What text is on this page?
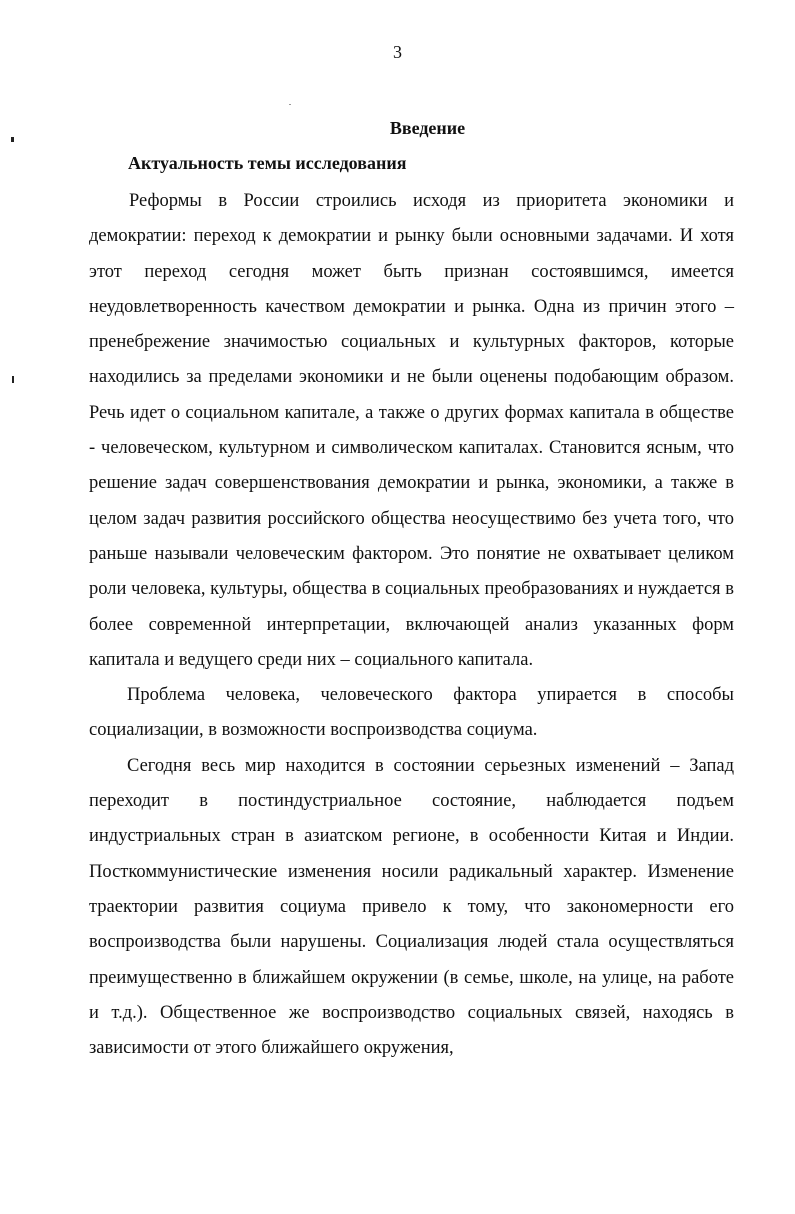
3
Введение
Актуальность темы исследования

Реформы в России строились исходя из приоритета экономики и демократии: переход к демократии и рынку были основными задачами. И хотя этот переход сегодня может быть признан состоявшимся, имеется неудовлетворенность качеством демократии и рынка. Одна из причин этого – пренебрежение значимостью социальных и культурных факторов, которые находились за пределами экономики и не были оценены подобающим образом. Речь идет о социальном капитале, а также о других формах капитала в обществе - человеческом, культурном и символическом капиталах. Становится ясным, что решение задач совершенствования демократии и рынка, экономики, а также в целом задач развития российского общества неосуществимо без учета того, что раньше называли человеческим фактором. Это понятие не охватывает целиком роли человека, культуры, общества в социальных преобразованиях и нуждается в более современной интерпретации, включающей анализ указанных форм капитала и ведущего среди них – социального капитала.

Проблема человека, человеческого фактора упирается в способы социализации, в возможности воспроизводства социума.

Сегодня весь мир находится в состоянии серьезных изменений – Запад переходит в постиндустриальное состояние, наблюдается подъем индустриальных стран в азиатском регионе, в особенности Китая и Индии. Посткоммунистические изменения носили радикальный характер. Изменение траектории развития социума привело к тому, что закономерности его воспроизводства были нарушены. Социализация людей стала осуществляться преимущественно в ближайшем окружении (в семье, школе, на улице, на работе и т.д.). Общественное же воспроизводство социальных связей, находясь в зависимости от этого ближайшего окружения,
